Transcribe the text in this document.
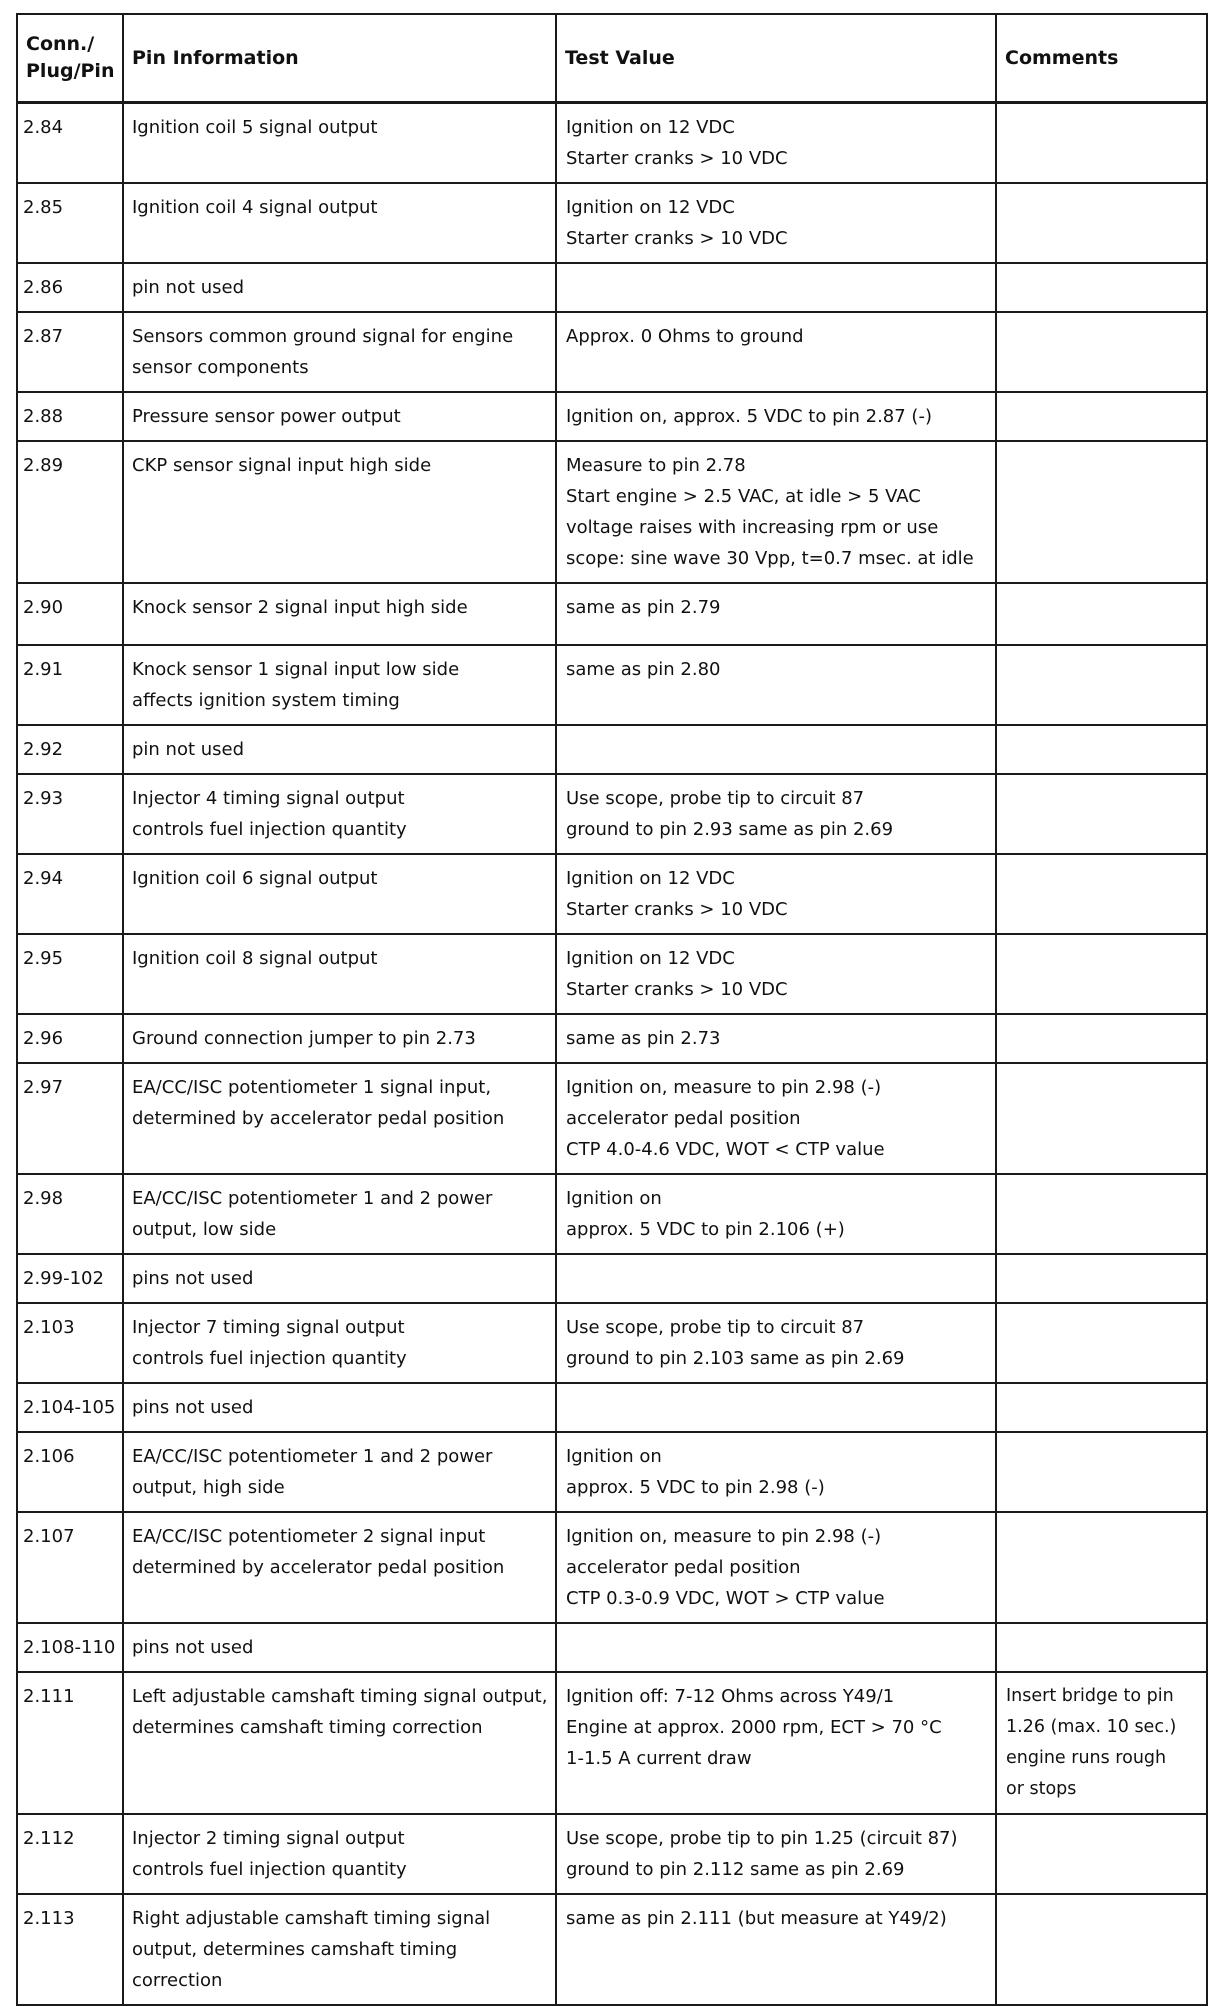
Conn./
Plug/Pin	Pin Information	Test Value	Comments
2.84	Ignition coil 5 signal output	Ignition on 12 VDC
Starter cranks > 10 VDC	
2.85	Ignition coil 4 signal output	Ignition on 12 VDC
Starter cranks > 10 VDC	
2.86	pin not used		
2.87	Sensors common ground signal for engine
sensor components	Approx. 0 Ohms to ground	
2.88	Pressure sensor power output	Ignition on, approx. 5 VDC to pin 2.87 (-)	
2.89	CKP sensor signal input high side	Measure to pin 2.78
Start engine > 2.5 VAC, at idle > 5 VAC
voltage raises with increasing rpm or use
scope: sine wave 30 Vpp, t=0.7 msec. at idle	
2.90	Knock sensor 2 signal input high side	same as pin 2.79	
2.91	Knock sensor 1 signal input low side
affects ignition system timing	same as pin 2.80	
2.92	pin not used		
2.93	Injector 4 timing signal output
controls fuel injection quantity	Use scope, probe tip to circuit 87
ground to pin 2.93 same as pin 2.69	
2.94	Ignition coil 6 signal output	Ignition on 12 VDC
Starter cranks > 10 VDC	
2.95	Ignition coil 8 signal output	Ignition on 12 VDC
Starter cranks > 10 VDC	
2.96	Ground connection jumper to pin 2.73	same as pin 2.73	
2.97	EA/CC/ISC potentiometer 1 signal input,
determined by accelerator pedal position	Ignition on, measure to pin 2.98 (-)
accelerator pedal position
CTP 4.0-4.6 VDC, WOT < CTP value	
2.98	EA/CC/ISC potentiometer 1 and 2 power
output, low side	Ignition on
approx. 5 VDC to pin 2.106 (+)	
2.99-102	pins not used		
2.103	Injector 7 timing signal output
controls fuel injection quantity	Use scope, probe tip to circuit 87
ground to pin 2.103 same as pin 2.69	
2.104-105	pins not used		
2.106	EA/CC/ISC potentiometer 1 and 2 power
output, high side	Ignition on
approx. 5 VDC to pin 2.98 (-)	
2.107	EA/CC/ISC potentiometer 2 signal input
determined by accelerator pedal position	Ignition on, measure to pin 2.98 (-)
accelerator pedal position
CTP 0.3-0.9 VDC, WOT > CTP value	
2.108-110	pins not used		
2.111	Left adjustable camshaft timing signal output,
determines camshaft timing correction	Ignition off: 7-12 Ohms across Y49/1
Engine at approx. 2000 rpm, ECT > 70 °C
1-1.5 A current draw	Insert bridge to pin
1.26 (max. 10 sec.)
engine runs rough
or stops
2.112	Injector 2 timing signal output
controls fuel injection quantity	Use scope, probe tip to pin 1.25 (circuit 87)
ground to pin 2.112 same as pin 2.69	
2.113	Right adjustable camshaft timing signal
output, determines camshaft timing
correction	same as pin 2.111 (but measure at Y49/2)	
